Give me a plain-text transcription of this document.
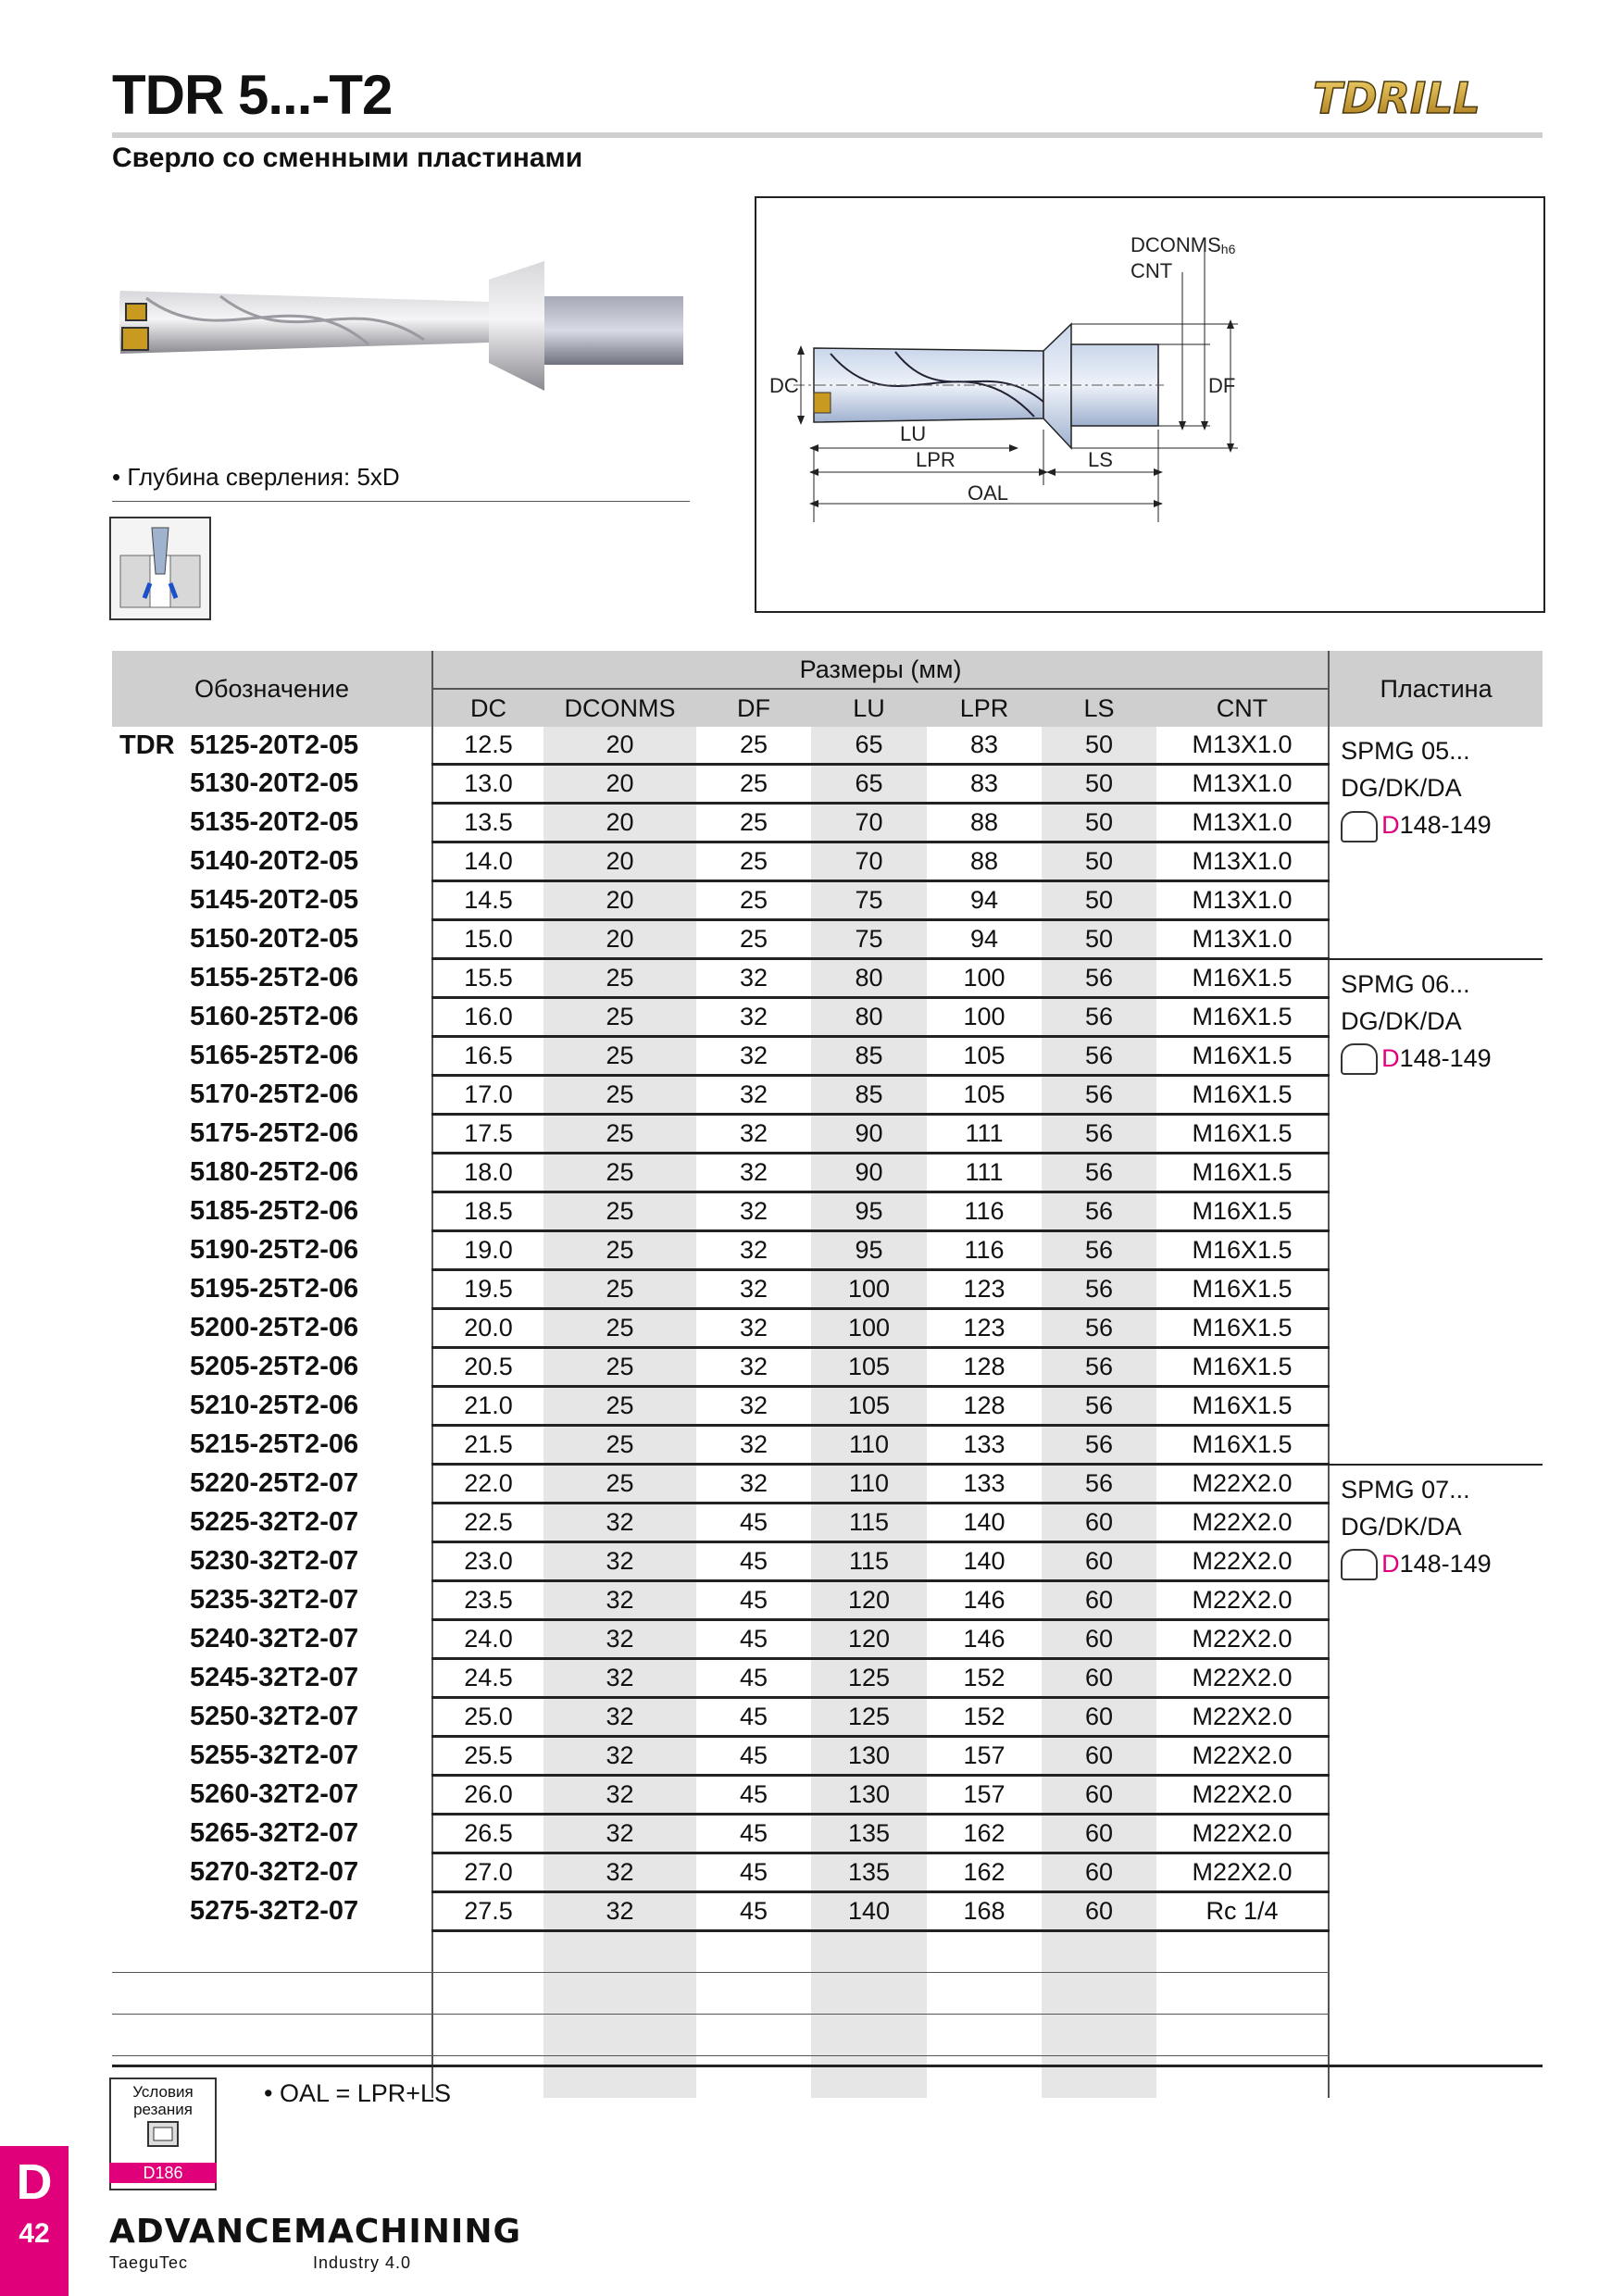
TDR 5...-T2
Сверло со сменными пластинами
TDRILL
• Глубина сверления: 5xD
DC	DF
DCONMSh6
CNT
LU
LPR	LS
OAL
Обозначение	Размеры (мм)							Пластина
	DC	DCONMS	DF	LU	LPR	LS	CNT	
TDR 5125-20T2-05	12.5	20	25	65	83	50	M13X1.0	SPMG 05...
DG/DK/DA
D148-149

5130-20T2-05	13.0	20	25	65	83	50	M13X1.0	
5135-20T2-05	13.5	20	25	70	88	50	M13X1.0	
5140-20T2-05	14.0	20	25	70	88	50	M13X1.0	
5145-20T2-05	14.5	20	25	75	94	50	M13X1.0	
5150-20T2-05	15.0	20	25	75	94	50	M13X1.0	
5155-25T2-06	15.5	25	32	80	100	56	M16X1.5	SPMG 06...
DG/DK/DA
D148-149

5160-25T2-06	16.0	25	32	80	100	56	M16X1.5	
5165-25T2-06	16.5	25	32	85	105	56	M16X1.5	
5170-25T2-06	17.0	25	32	85	105	56	M16X1.5	
5175-25T2-06	17.5	25	32	90	111	56	M16X1.5	
5180-25T2-06	18.0	25	32	90	111	56	M16X1.5	
5185-25T2-06	18.5	25	32	95	116	56	M16X1.5	
5190-25T2-06	19.0	25	32	95	116	56	M16X1.5	
5195-25T2-06	19.5	25	32	100	123	56	M16X1.5	
5200-25T2-06	20.0	25	32	100	123	56	M16X1.5	
5205-25T2-06	20.5	25	32	105	128	56	M16X1.5	
5210-25T2-06	21.0	25	32	105	128	56	M16X1.5	
5215-25T2-06	21.5	25	32	110	133	56	M16X1.5	
5220-25T2-07	22.0	25	32	110	133	56	M22X2.0	SPMG 07...
DG/DK/DA
D148-149

5225-32T2-07	22.5	32	45	115	140	60	M22X2.0	
5230-32T2-07	23.0	32	45	115	140	60	M22X2.0	
5235-32T2-07	23.5	32	45	120	146	60	M22X2.0	
5240-32T2-07	24.0	32	45	120	146	60	M22X2.0	
5245-32T2-07	24.5	32	45	125	152	60	M22X2.0	
5250-32T2-07	25.0	32	45	125	152	60	M22X2.0	
5255-32T2-07	25.5	32	45	130	157	60	M22X2.0	
5260-32T2-07	26.0	32	45	130	157	60	M22X2.0	
5265-32T2-07	26.5	32	45	135	162	60	M22X2.0	
5270-32T2-07	27.0	32	45	135	162	60	M22X2.0	
5275-32T2-07	27.5	32	45	140	168	60	Rc 1/4	

Условия резания
D186
• OAL = LPR+LS
D
42	ADVANCEMACHINING
TaeguTec	Industry 4.0
